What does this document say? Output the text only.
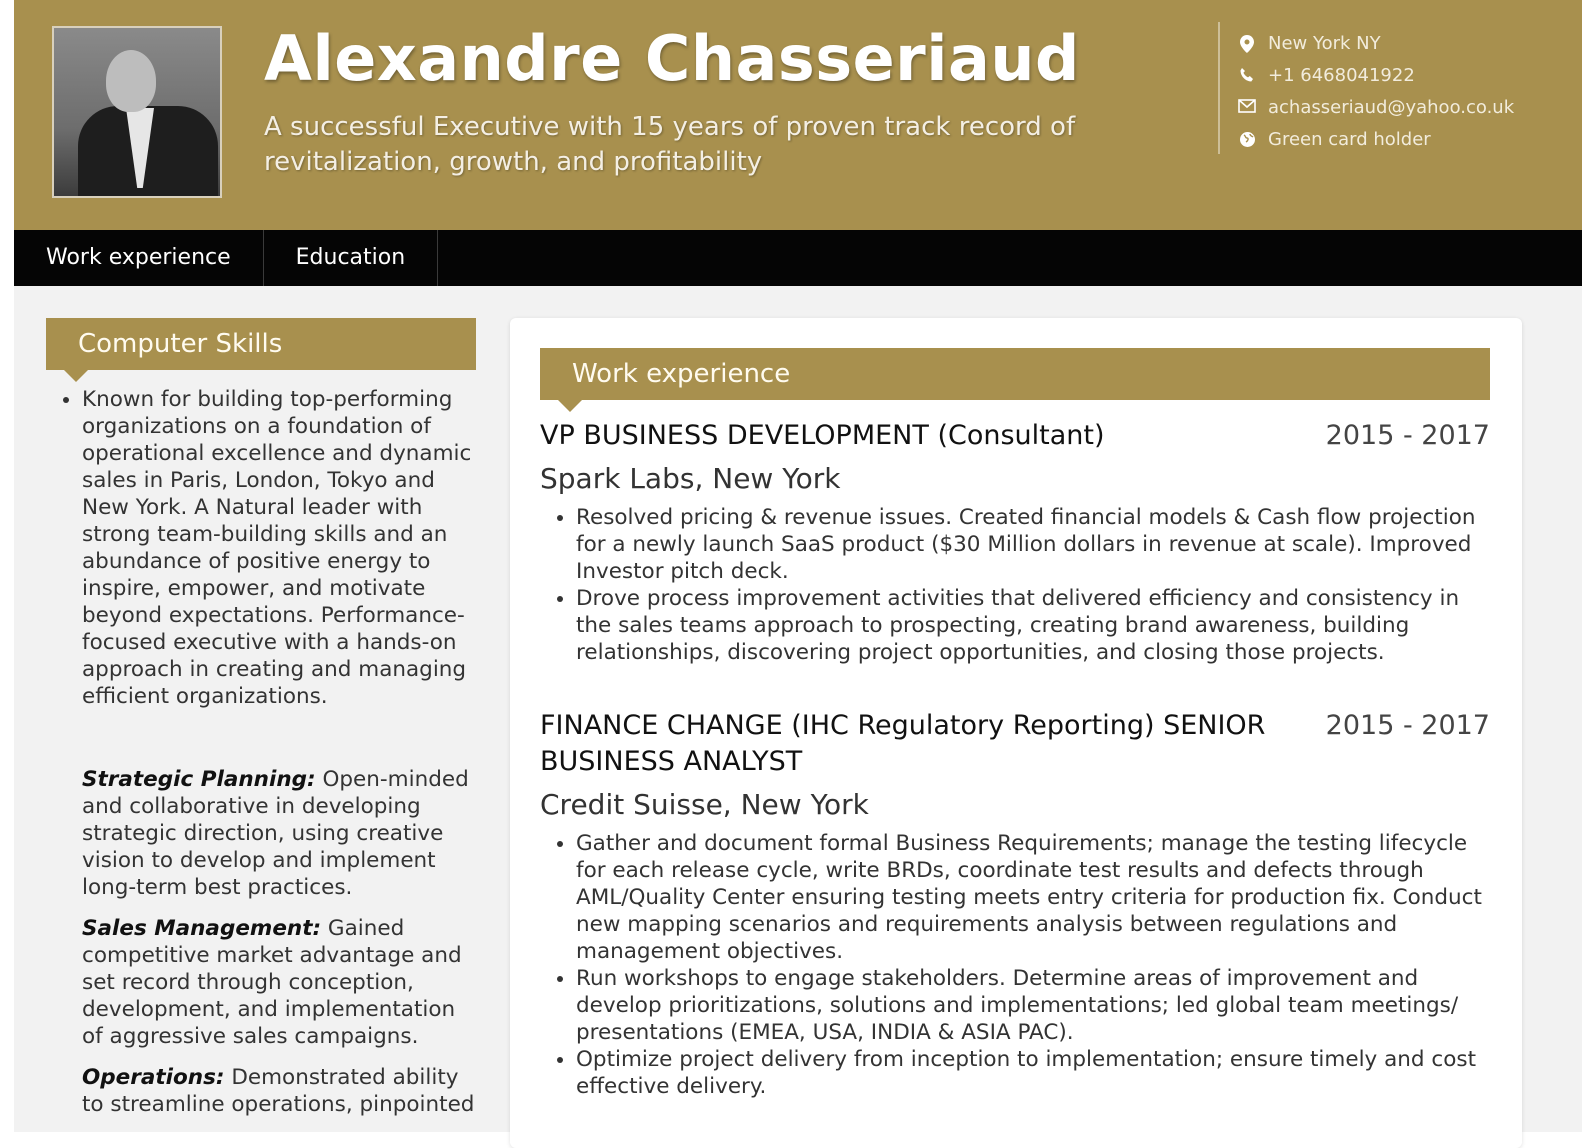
Alexandre Chasseriaud
A successful Executive with 15 years of proven track record of revitalization, growth, and profitability
New York NY
+1 6468041922
achasseriaud@yahoo.co.uk
Green card holder
Work experience	Education
Computer Skills
• Known for building top-performing organizations on a foundation of operational excellence and dynamic sales in Paris, London, Tokyo and New York. A Natural leader with strong team-building skills and an abundance of positive energy to inspire, empower, and motivate beyond expectations. Performance-focused executive with a hands-on approach in creating and managing efficient organizations.

Strategic Planning: Open-minded and collaborative in developing strategic direction, using creative vision to develop and implement long-term best practices.

Sales Management: Gained competitive market advantage and set record through conception, development, and implementation of aggressive sales campaigns.

Operations: Demonstrated ability to streamline operations, pinpointed

Work experience
VP BUSINESS DEVELOPMENT (Consultant)	2015 - 2017
Spark Labs, New York
• Resolved pricing & revenue issues. Created financial models & Cash flow projection for a newly launch SaaS product ($30 Million dollars in revenue at scale). Improved Investor pitch deck.
• Drove process improvement activities that delivered efficiency and consistency in the sales teams approach to prospecting, creating brand awareness, building relationships, discovering project opportunities, and closing those projects.
FINANCE CHANGE (IHC Regulatory Reporting) SENIOR BUSINESS ANALYST
2015 - 2017
Credit Suisse, New York
• Gather and document formal Business Requirements; manage the testing lifecycle for each release cycle, write BRDs, coordinate test results and defects through AML/Quality Center ensuring testing meets entry criteria for production fix. Conduct new mapping scenarios and requirements analysis between regulations and management objectives.
• Run workshops to engage stakeholders. Determine areas of improvement and develop prioritizations, solutions and implementations; led global team meetings/ presentations (EMEA, USA, INDIA & ASIA PAC).
• Optimize project delivery from inception to implementation; ensure timely and cost effective delivery.
